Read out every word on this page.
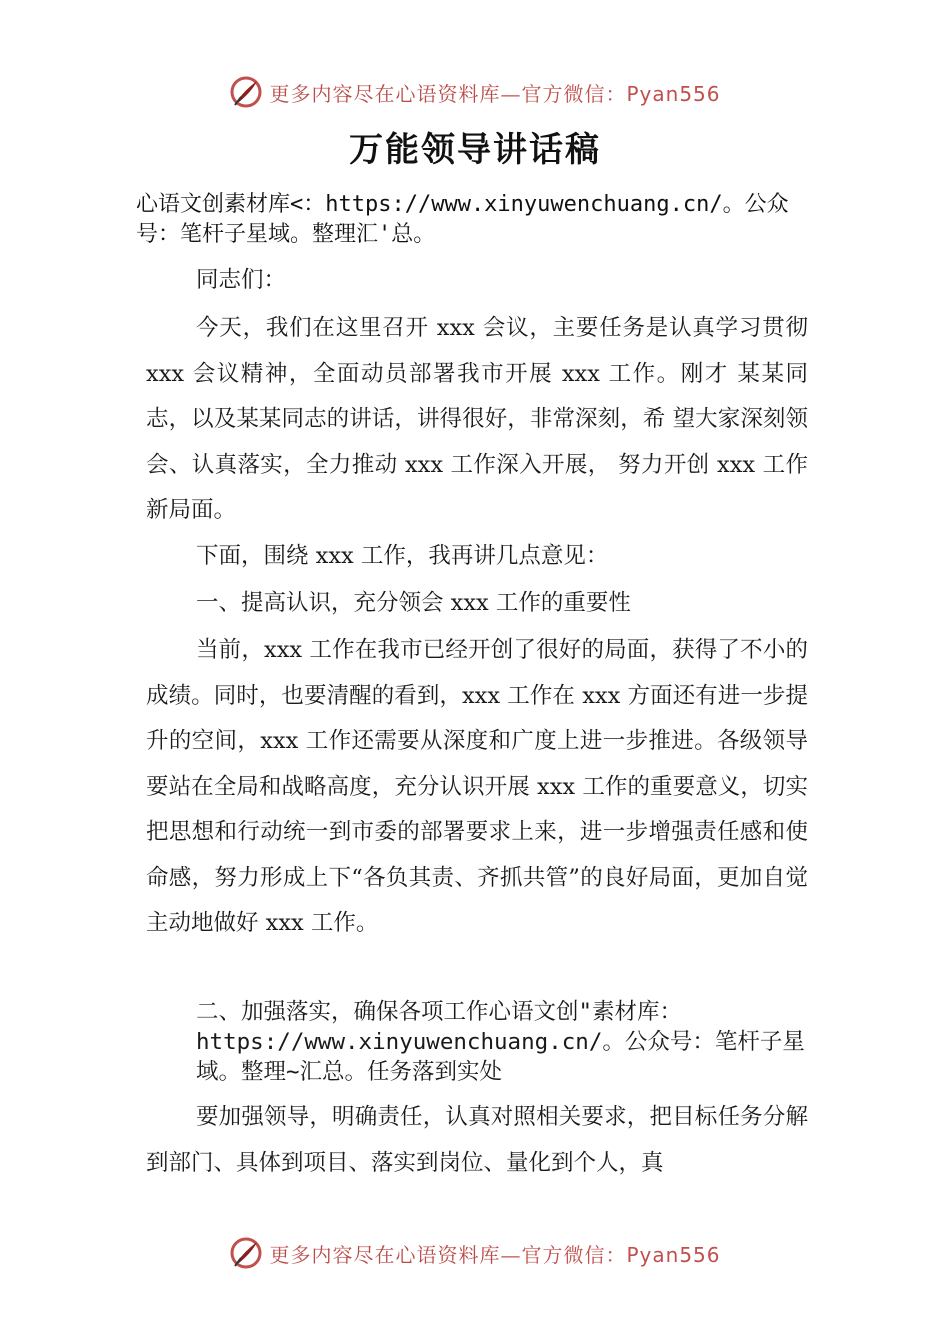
更多内容尽在心语资料库—官方微信：Pyan556
万能领导讲话稿
心语文创素材库<：https://www.xinyuwenchuang.cn/。公众号：笔杆子星域。整理汇'总。
同志们：

今天，我们在这里召开 xxx 会议，主要任务是认真学习贯彻 xxx 会议精神，全面动员部署我市开展 xxx 工作。刚才 某某同志，以及某某同志的讲话，讲得很好，非常深刻，希 望大家深刻领会、认真落实，全力推动 xxx 工作深入开展， 努力开创 xxx 工作新局面。

下面，围绕 xxx 工作，我再讲几点意见：

一、提高认识，充分领会 xxx 工作的重要性

当前，xxx 工作在我市已经开创了很好的局面，获得了不小的成绩。同时，也要清醒的看到，xxx 工作在 xxx 方面还有进一步提升的空间，xxx 工作还需要从深度和广度上进一步推进。各级领导要站在全局和战略高度，充分认识开展 xxx 工作的重要意义，切实把思想和行动统一到市委的部署要求上来，进一步增强责任感和使命感，努力形成上下“各负其责、齐抓共管”的良好局面，更加自觉主动地做好 xxx 工作。

二、加强落实，确保各项工作心语文创"素材库：https://www.xinyuwenchuang.cn/。公众号：笔杆子星域。整理~汇总。任务落到实处

要加强领导，明确责任，认真对照相关要求，把目标任务分解到部门、具体到项目、落实到岗位、量化到个人，真

更多内容尽在心语资料库—官方微信：Pyan556
